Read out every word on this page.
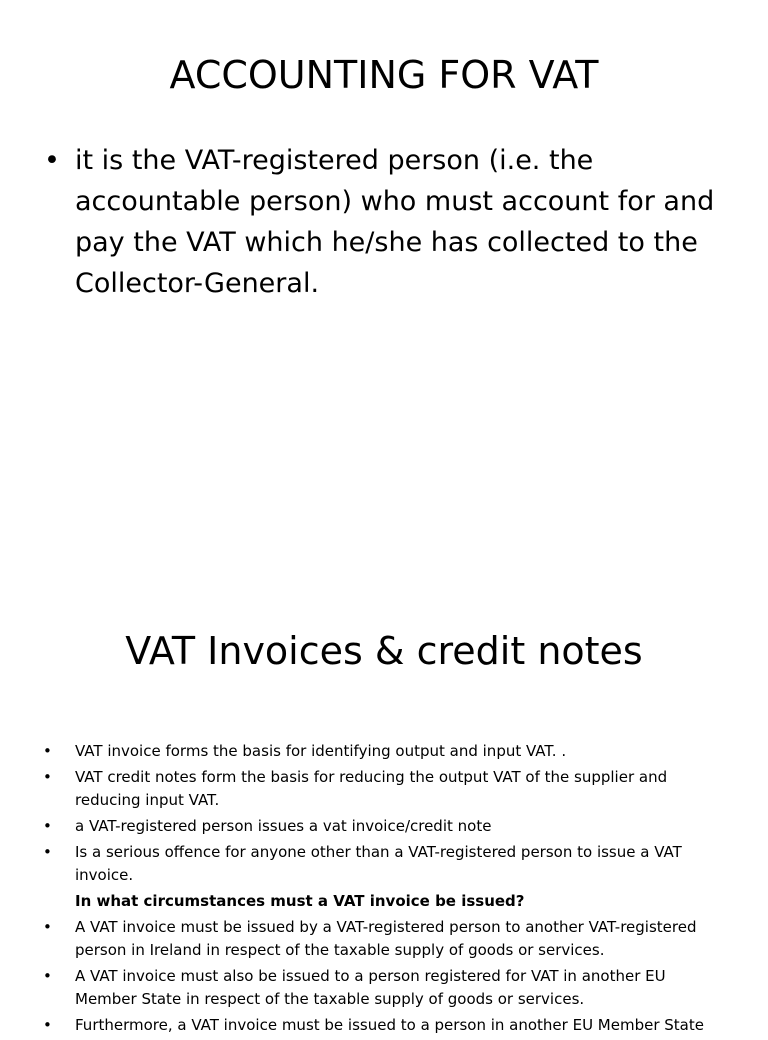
ACCOUNTING FOR VAT
• it is the VAT-registered person (i.e. the accountable person) who must account for and pay the VAT which he/she has collected to the Collector-General.
VAT Invoices & credit notes
• VAT invoice forms the basis for identifying output and input VAT. .
• VAT credit notes form the basis for reducing the output VAT of the supplier and reducing input VAT.
• a VAT-registered person issues a vat invoice/credit note
• Is a serious offence for anyone other than a VAT-registered person to issue a VAT invoice.
In what circumstances must a VAT invoice be issued?
• A VAT invoice must be issued by a VAT-registered person to another VAT-registered person in Ireland in respect of the taxable supply of goods or services.
• A VAT invoice must also be issued to a person registered for VAT in another EU Member State in respect of the taxable supply of goods or services.
• Furthermore, a VAT invoice must be issued to a person in another EU Member State
